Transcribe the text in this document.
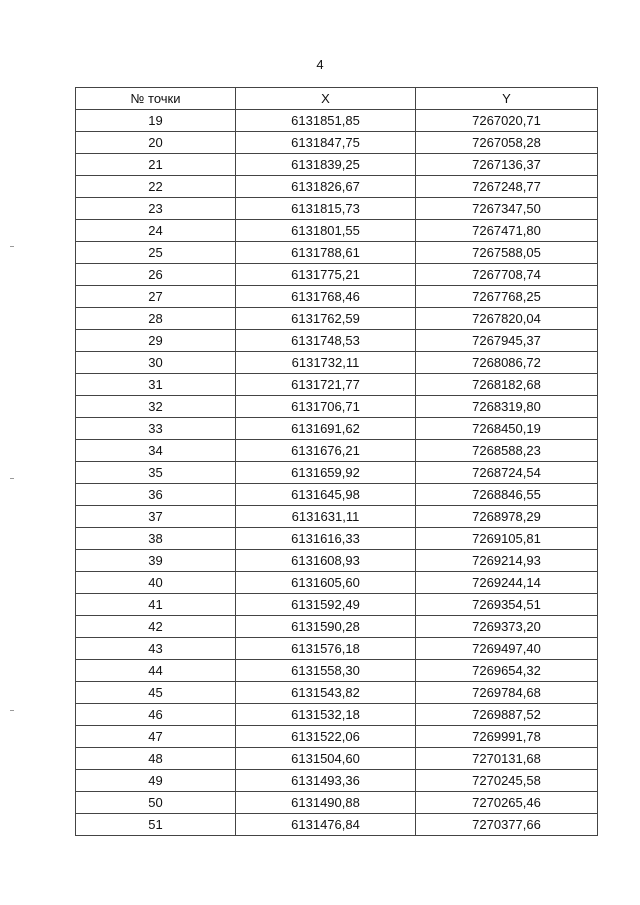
4
№ точки	X	Y
19	6131851,85	7267020,71
20	6131847,75	7267058,28
21	6131839,25	7267136,37
22	6131826,67	7267248,77
23	6131815,73	7267347,50
24	6131801,55	7267471,80
25	6131788,61	7267588,05
26	6131775,21	7267708,74
27	6131768,46	7267768,25
28	6131762,59	7267820,04
29	6131748,53	7267945,37
30	6131732,11	7268086,72
31	6131721,77	7268182,68
32	6131706,71	7268319,80
33	6131691,62	7268450,19
34	6131676,21	7268588,23
35	6131659,92	7268724,54
36	6131645,98	7268846,55
37	6131631,11	7268978,29
38	6131616,33	7269105,81
39	6131608,93	7269214,93
40	6131605,60	7269244,14
41	6131592,49	7269354,51
42	6131590,28	7269373,20
43	6131576,18	7269497,40
44	6131558,30	7269654,32
45	6131543,82	7269784,68
46	6131532,18	7269887,52
47	6131522,06	7269991,78
48	6131504,60	7270131,68
49	6131493,36	7270245,58
50	6131490,88	7270265,46
51	6131476,84	7270377,66
